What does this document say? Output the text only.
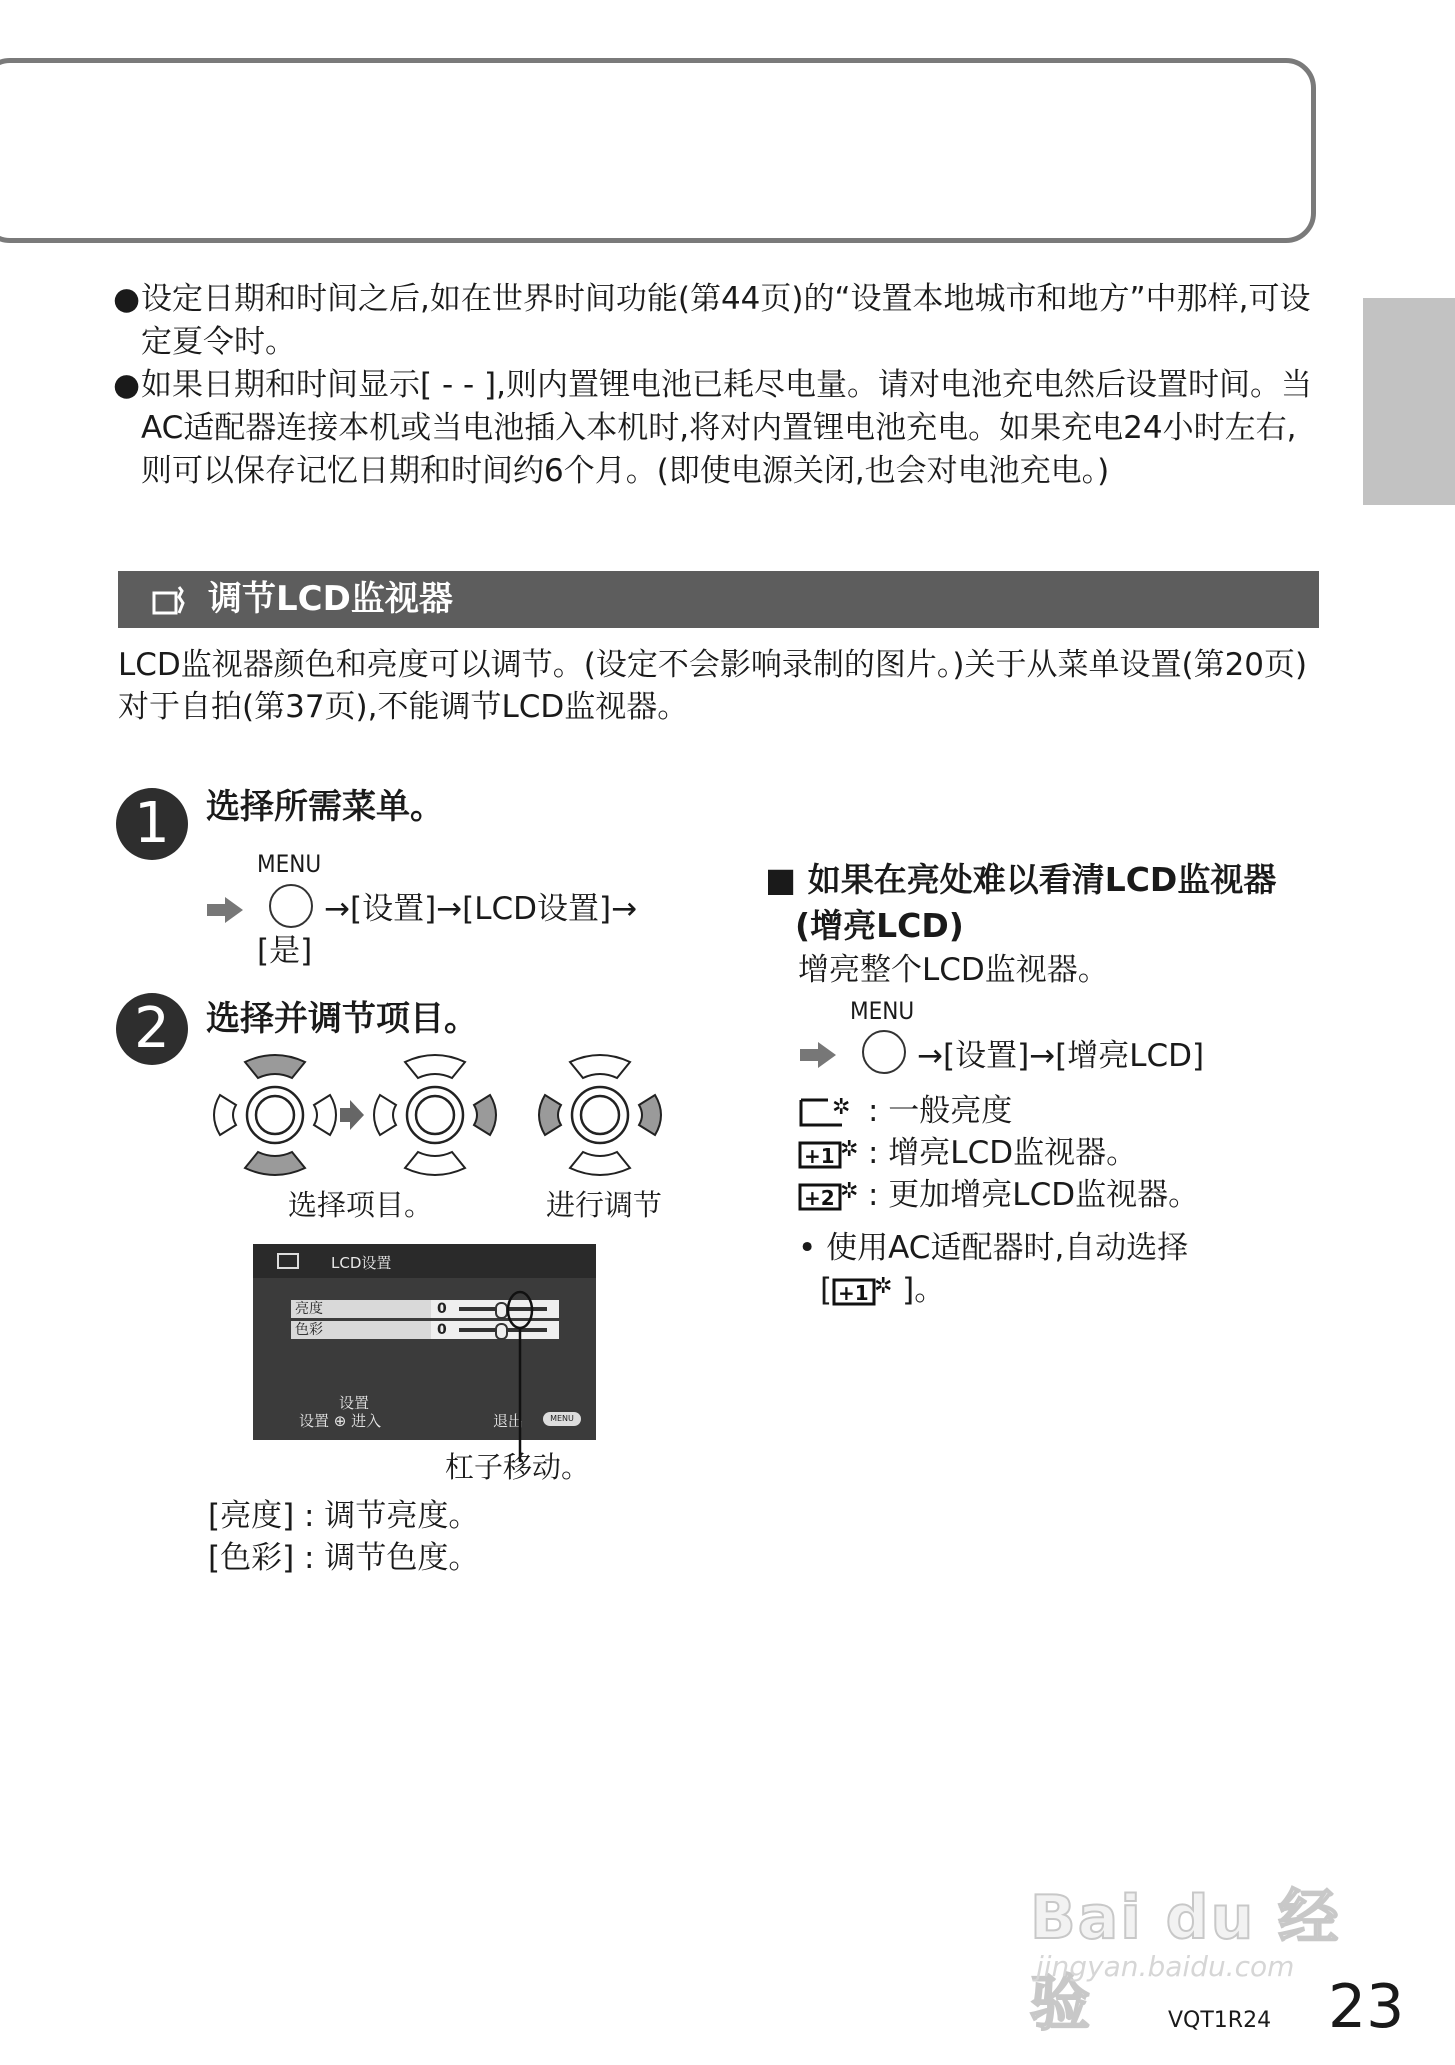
● 设定日期和时间之后,如在世界时间功能(第44页)的“设置本地城市和地方”中那样,可设定夏令时。
● 如果日期和时间显示[ - - ],则内置锂电池已耗尽电量。请对电池充电然后设置时间。当AC适配器连接本机或当电池插入本机时,将对内置锂电池充电。如果充电24小时左右,则可以保存记忆日期和时间约6个月。(即使电源关闭,也会对电池充电。)
调节LCD监视器
LCD监视器颜色和亮度可以调节。(设定不会影响录制的图片。)关于从菜单设置(第20页)
对于自拍(第37页),不能调节LCD监视器。
1	选择所需菜单。
MENU
→[设置]→[LCD设置]→
[是]
2	选择并调节项目。
选择项目。	进行调节
LCD设置
亮度	0
色彩	0
设置
设置 ⊕ 进入	退出	MENU
杠子移动。
[亮度] : 调节亮度。
[色彩] : 调节色度。
■ 如果在亮处难以看清LCD监视器
(增亮LCD)
增亮整个LCD监视器。
MENU
→[设置]→[增亮LCD]
✲ : 一般亮度
+1 ✲ : 增亮LCD监视器。
+2 ✲ : 更加增亮LCD监视器。
• 使用AC适配器时,自动选择
[ +1 ✲ ]。
Bai du 经验
jingyan.baidu.com
VQT1R24 23
